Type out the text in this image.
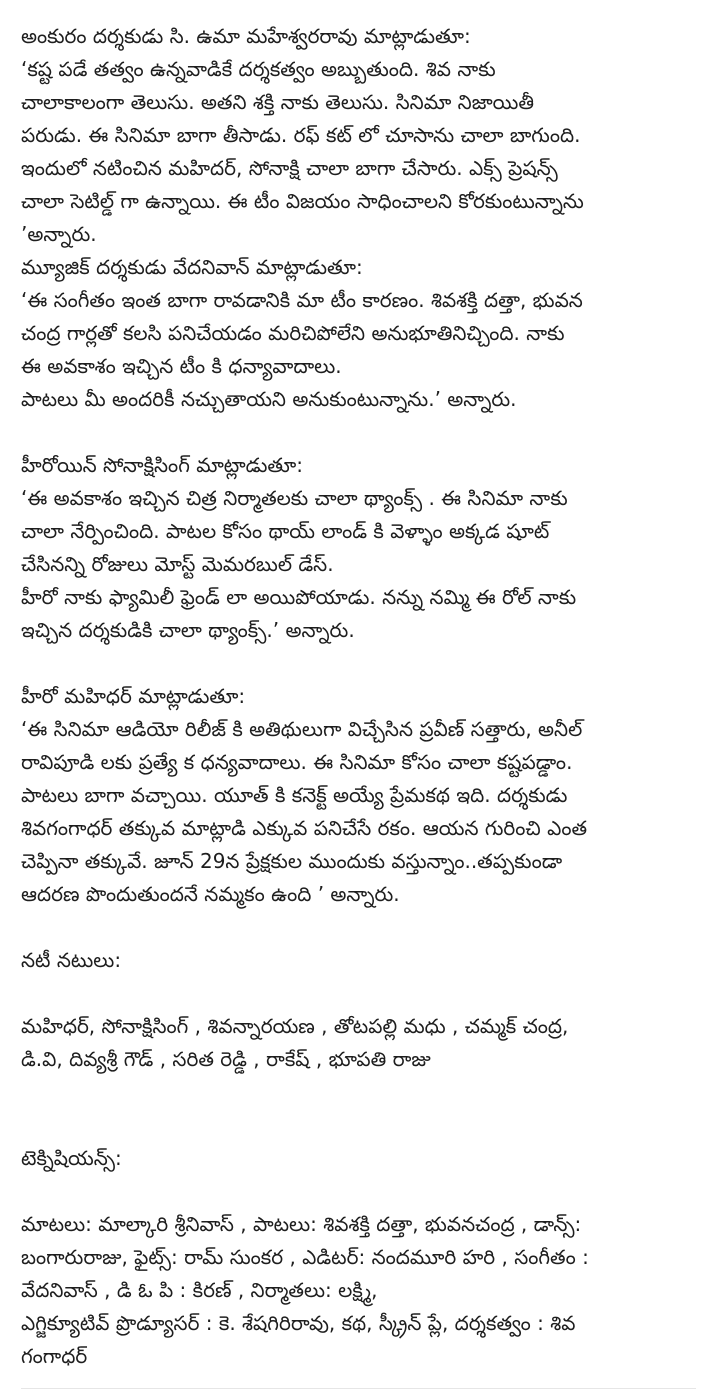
అంకురం దర్శకుడు సి. ఉమా మహేశ్వరరావు మాట్లాడుతూ:
‘కష్ట పడే తత్వం ఉన్నవాడికే దర్శకత్వం అబ్బుతుంది. శివ నాకు
చాలాకాలంగా తెలుసు. అతని శక్తి నాకు తెలుసు. సినిమా నిజాయితీ
పరుడు. ఈ సినిమా బాగా తీసాడు. రఫ్ కట్ లో చూసాను చాలా బాగుంది.
ఇందులో నటించిన మహిదర్, సోనాక్షి చాలా బాగా చేసారు. ఎక్స్ ప్రెషన్స్
చాలా సెటిల్డ్ గా ఉన్నాయి. ఈ టీం విజయం సాధించాలని కోరకుంటున్నాను
’అన్నారు.
మ్యూజిక్ దర్శకుడు వేదనివాన్ మాట్లాడుతూ:
‘ఈ సంగీతం ఇంత బాగా రావడానికి మా టీం కారణం. శివశక్తి దత్తా, భువన
చంద్ర గార్లతో కలసి పనిచేయడం మరిచిపోలేని అనుభూతినిచ్చింది. నాకు
ఈ అవకాశం ఇచ్చిన టీం కి ధన్యావాదాలు.
పాటలు మీ అందరికీ నచ్చుతాయని అనుకుంటున్నాను.’ అన్నారు.
హీరోయిన్ సోనాక్షిసింగ్ మాట్లాడుతూ:
‘ఈ అవకాశం ఇచ్చిన చిత్ర నిర్మాతలకు చాలా థ్యాంక్స్ . ఈ సినిమా నాకు
చాలా నేర్పించింది. పాటల కోసం థాయ్ లాండ్ కి వెళ్ళాం అక్కడ షూట్
చేసినన్ని రోజులు మోస్ట్ మెమరబుల్ డేస్.
హీరో నాకు ఫ్యామిలీ ఫ్రెండ్ లా అయిపోయాడు. నన్ను నమ్మి ఈ రోల్ నాకు
ఇచ్చిన దర్శకుడికి చాలా థ్యాంక్స్.’ అన్నారు.
హీరో మహిధర్ మాట్లాడుతూ:
‘ఈ సినిమా ఆడియో రిలీజ్ కి అతిథులుగా విచ్చేసిన ప్రవీణ్ సత్తారు, అనీల్
రావిపూడి లకు ప్రత్యే క ధన్యవాదాలు. ఈ సినిమా కోసం చాలా కష్టపడ్డాం.
పాటలు బాగా వచ్చాయి. యూత్ కి కనెక్ట్ అయ్యే ప్రేమకథ ఇది. దర్శకుడు
శివగంగాధర్ తక్కువ మాట్లాడి ఎక్కువ పనిచేసే రకం. ఆయన గురించి ఎంత
చెప్పినా తక్కువే. జూన్ 29న ప్రేక్షకుల ముందుకు వస్తున్నాం..తప్పకుండా
ఆదరణ పొందుతుందనే నమ్మకం ఉంది ’ అన్నారు.
నటీ నటులు:
మహిధర్, సోనాక్షిసింగ్ , శివన్నారయణ , తోటపల్లి మధు , చమ్మక్ చంద్ర,
డి.వి, దివ్యశ్రీ గౌడ్ , సరిత రెడ్డి , రాకేష్ , భూపతి రాజు
టెక్నిషియన్స్:
మాటలు: మాల్కారి శ్రీనివాస్ , పాటలు: శివశక్తి దత్తా, భువనచంద్ర , డాన్స్:
బంగారురాజు, ఫైట్స్: రామ్ సుంకర , ఎడిటర్: నందమూరి హరి , సంగీతం :
వేదనివాస్ , డి ఓ పి : కిరణ్ , నిర్మాతలు: లక్ష్మి,
ఎగ్జిక్యూటివ్ ప్రొడ్యూసర్ : కె. శేషగిరిరావు, కథ, స్క్రీన్ ప్లే, దర్శకత్వం : శివ
గంగాధర్
